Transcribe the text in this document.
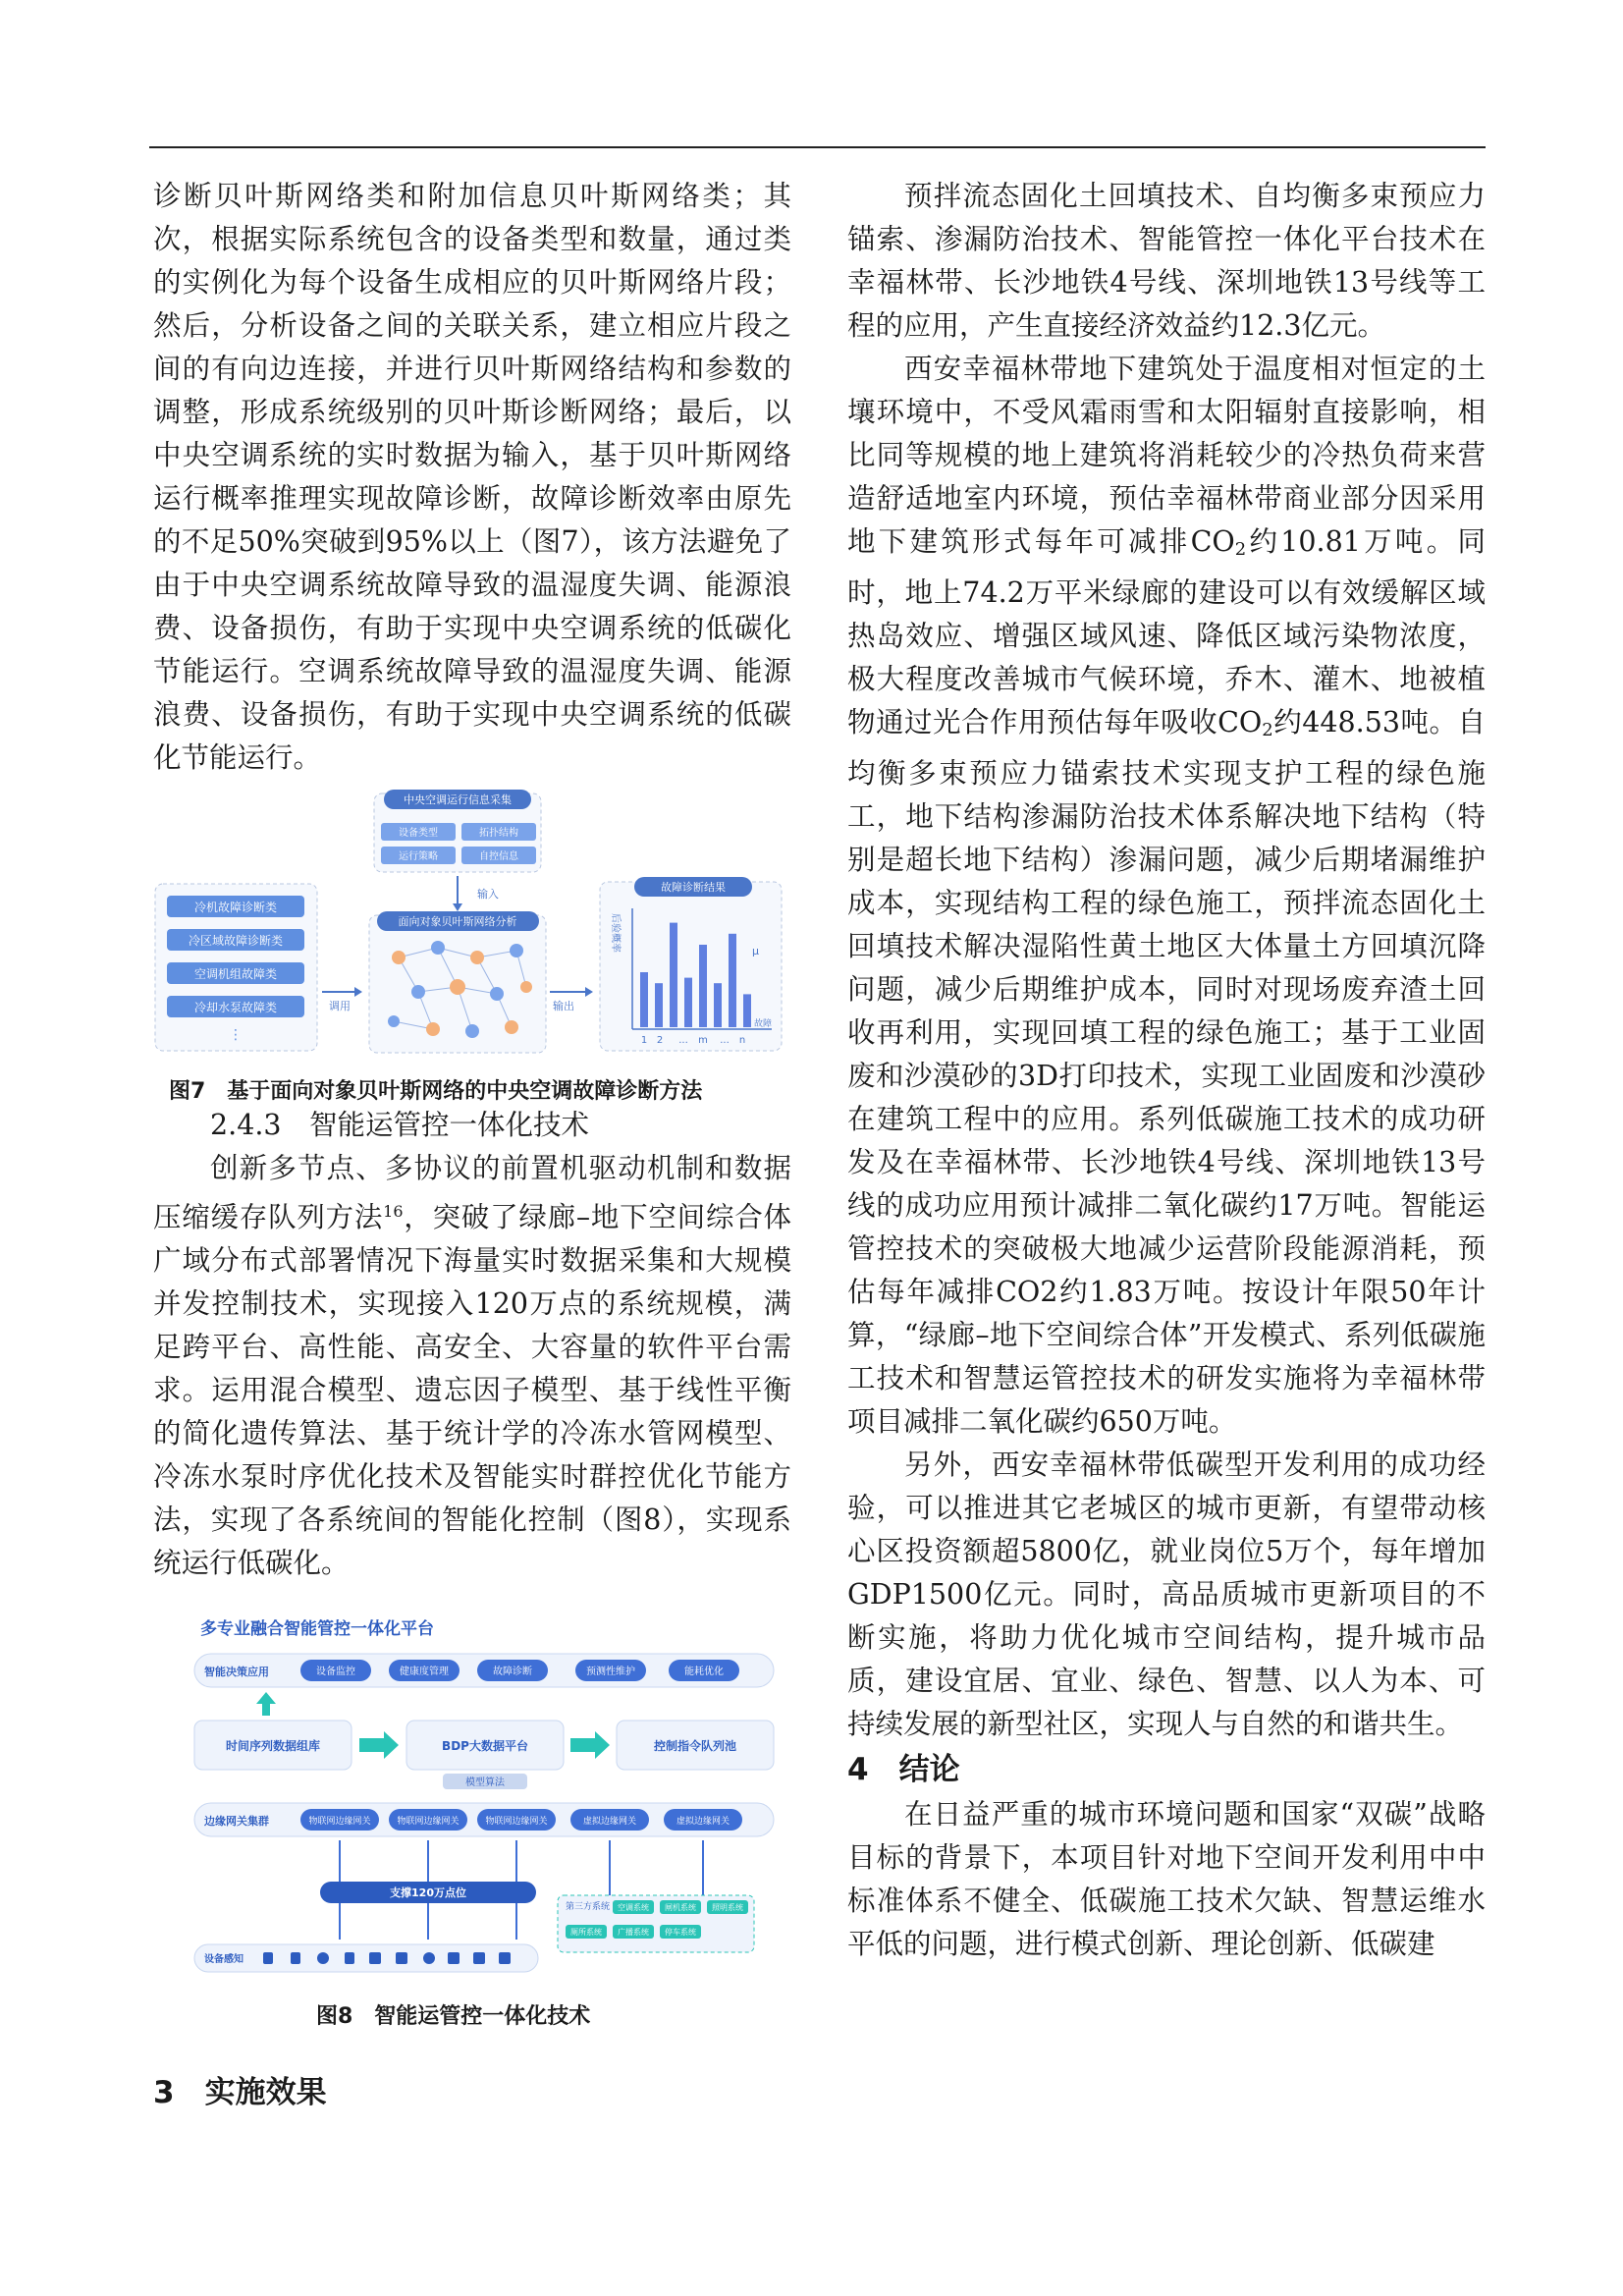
诊断贝叶斯网络类和附加信息贝叶斯网络类；其次，根据实际系统包含的设备类型和数量，通过类的实例化为每个设备生成相应的贝叶斯网络片段；然后，分析设备之间的关联关系，建立相应片段之间的有向边连接，并进行贝叶斯网络结构和参数的调整，形成系统级别的贝叶斯诊断网络；最后，以中央空调系统的实时数据为输入，基于贝叶斯网络运行概率推理实现故障诊断，故障诊断效率由原先的不足50%突破到95%以上（图7），该方法避免了由于中央空调系统故障导致的温湿度失调、能源浪费、设备损伤，有助于实现中央空调系统的低碳化节能运行。空调系统故障导致的温湿度失调、能源浪费、设备损伤，有助于实现中央空调系统的低碳化节能运行。

冷机故障诊断类
冷区域故障诊断类
空调机组故障类
冷却水泵故障类
⋮
调用
中央空调运行信息采集
设备类型	拓扑结构
运行策略	自控信息
输入
面向对象贝叶斯网络分析
输出
故障诊断结果
后验概率	μ
故障
1 2 ... m ... n
图7　基于面向对象贝叶斯网络的中央空调故障诊断方法

2.4.3　智能运管控一体化技术

创新多节点、多协议的前置机驱动机制和数据压缩缓存队列方法$^{16}$，突破了绿廊–地下空间综合体广域分布式部署情况下海量实时数据采集和大规模并发控制技术，实现接入120万点的系统规模，满足跨平台、高性能、高安全、大容量的软件平台需求。运用混合模型、遗忘因子模型、基于线性平衡的简化遗传算法、基于统计学的冷冻水管网模型、冷冻水泵时序优化技术及智能实时群控优化节能方法，实现了各系统间的智能化控制（图8），实现系统运行低碳化。

多专业融合智能管控一体化平台
智能决策应用	设备监控	健康度管理	故障诊断	预测性维护	能耗优化
时间序列数据组库	BDP大数据平台
模型算法
控制指令队列池
边缘网关集群	物联网边缘网关	物联网边缘网关	物联网边缘网关	虚拟边缘网关	虚拟边缘网关
支撑120万点位
第三方系统 空调系统 闸机系统 照明系统
厕所系统 广播系统 停车系统
设备感知
图8　智能运管控一体化技术
3　实施效果

预拌流态固化土回填技术、自均衡多束预应力锚索、渗漏防治技术、智能管控一体化平台技术在幸福林带、长沙地铁4号线、深圳地铁13号线等工程的应用，产生直接经济效益约12.3亿元。

西安幸福林带地下建筑处于温度相对恒定的土壤环境中，不受风霜雨雪和太阳辐射直接影响，相比同等规模的地上建筑将消耗较少的冷热负荷来营造舒适地室内环境，预估幸福林带商业部分因采用地下建筑形式每年可减排$CO_2$约10.81万吨。同时，地上74.2万平米绿廊的建设可以有效缓解区域热岛效应、增强区域风速、降低区域污染物浓度，极大程度改善城市气候环境，乔木、灌木、地被植物通过光合作用预估每年吸收$CO_2$约448.53吨。自均衡多束预应力锚索技术实现支护工程的绿色施工，地下结构渗漏防治技术体系解决地下结构（特别是超长地下结构）渗漏问题，减少后期堵漏维护成本，实现结构工程的绿色施工，预拌流态固化土回填技术解决湿陷性黄土地区大体量土方回填沉降问题，减少后期维护成本，同时对现场废弃渣土回收再利用，实现回填工程的绿色施工；基于工业固废和沙漠砂的3D打印技术，实现工业固废和沙漠砂在建筑工程中的应用。系列低碳施工技术的成功研发及在幸福林带、长沙地铁4号线、深圳地铁13号线的成功应用预计减排二氧化碳约17万吨。智能运管控技术的突破极大地减少运营阶段能源消耗，预估每年减排CO2约1.83万吨。按设计年限50年计算，“绿廊–地下空间综合体”开发模式、系列低碳施工技术和智慧运管控技术的研发实施将为幸福林带项目减排二氧化碳约650万吨。

另外，西安幸福林带低碳型开发利用的成功经验，可以推进其它老城区的城市更新，有望带动核心区投资额超5800亿，就业岗位5万个，每年增加GDP1500亿元。同时，高品质城市更新项目的不断实施，将助力优化城市空间结构，提升城市品质，建设宜居、宜业、绿色、智慧、以人为本、可持续发展的新型社区，实现人与自然的和谐共生。

4　结论

在日益严重的城市环境问题和国家“双碳”战略目标的背景下，本项目针对地下空间开发利用中中标准体系不健全、低碳施工技术欠缺、智慧运维水平低的问题，进行模式创新、理论创新、低碳建
